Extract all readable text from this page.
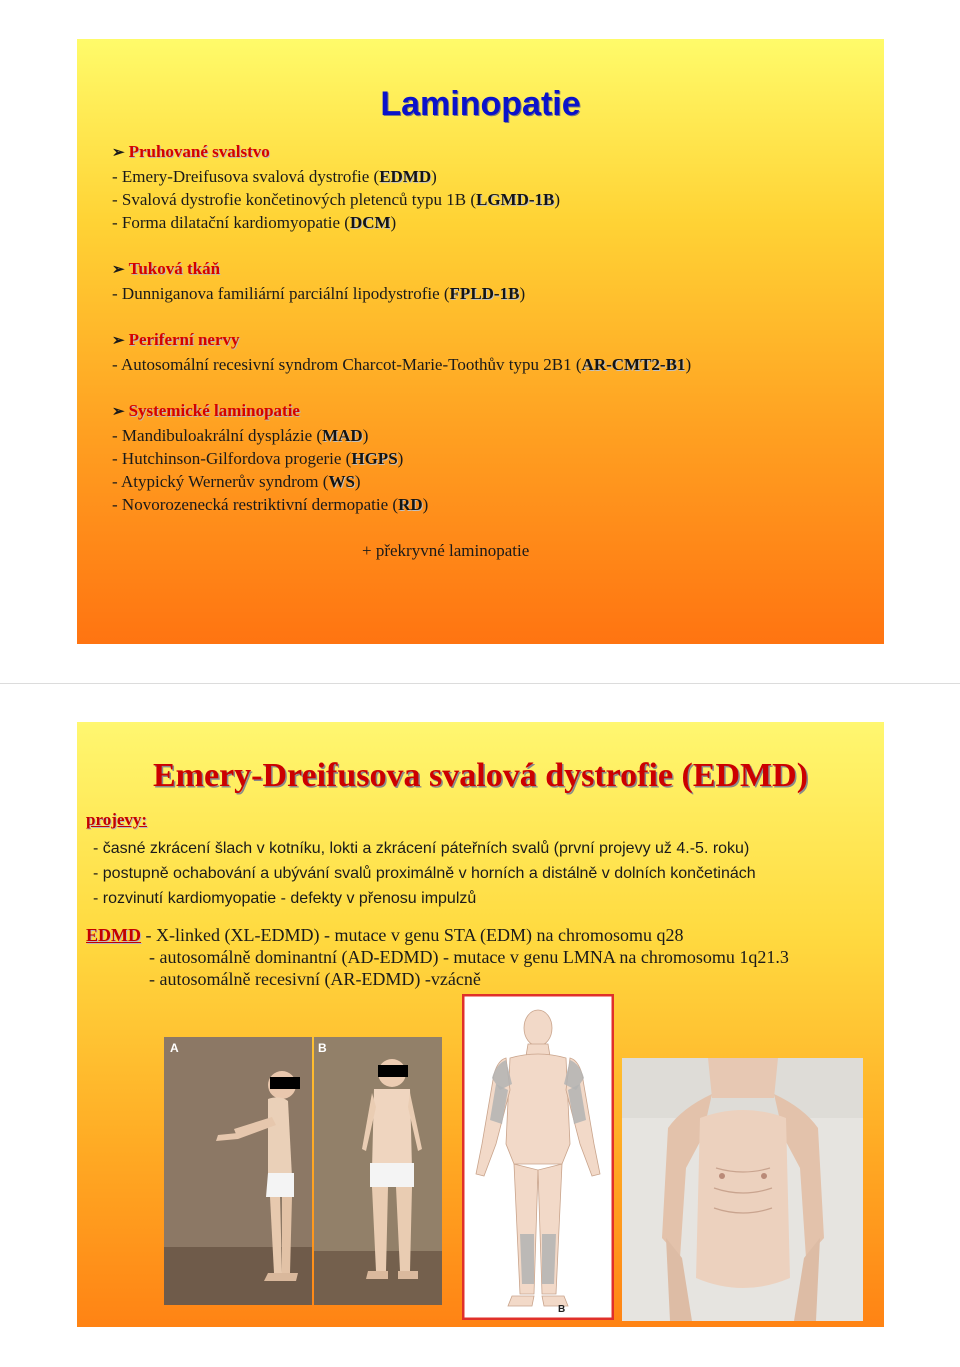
Laminopatie
➢ Pruhované svalstvo
- Emery-Dreifusova svalová dystrofie (EDMD)
- Svalová dystrofie končetinových pletenců typu 1B (LGMD-1B)
- Forma dilatační kardiomyopatie (DCM)
➢ Tuková tkáň
- Dunniganova familiární parciální lipodystrofie (FPLD-1B)
➢ Periferní nervy
- Autosomální recesivní syndrom Charcot-Marie-Toothův typu 2B1 (AR-CMT2-B1)
➢ Systemické laminopatie
- Mandibuloakrální dysplázie (MAD)
- Hutchinson-Gilfordova progerie (HGPS)
- Atypický Wernerův syndrom (WS)
- Novorozenecká restriktivní dermopatie (RD)
+ překryvné laminopatie
Emery-Dreifusova svalová dystrofie (EDMD)
projevy:
- časné zkrácení šlach v kotníku, lokti a zkrácení páteřních svalů (první projevy už 4.-5. roku)
- postupně ochabování a ubývání svalů proximálně v horních a distálně v dolních končetinách
- rozvinutí kardiomyopatie - defekty v přenosu impulzů
EDMD - X-linked (XL-EDMD) - mutace v genu STA (EDM) na chromosomu q28
- autosomálně dominantní (AD-EDMD) - mutace v genu LMNA na chromosomu 1q21.3
- autosomálně recesivní (AR-EDMD) -vzácně
A	B
B
